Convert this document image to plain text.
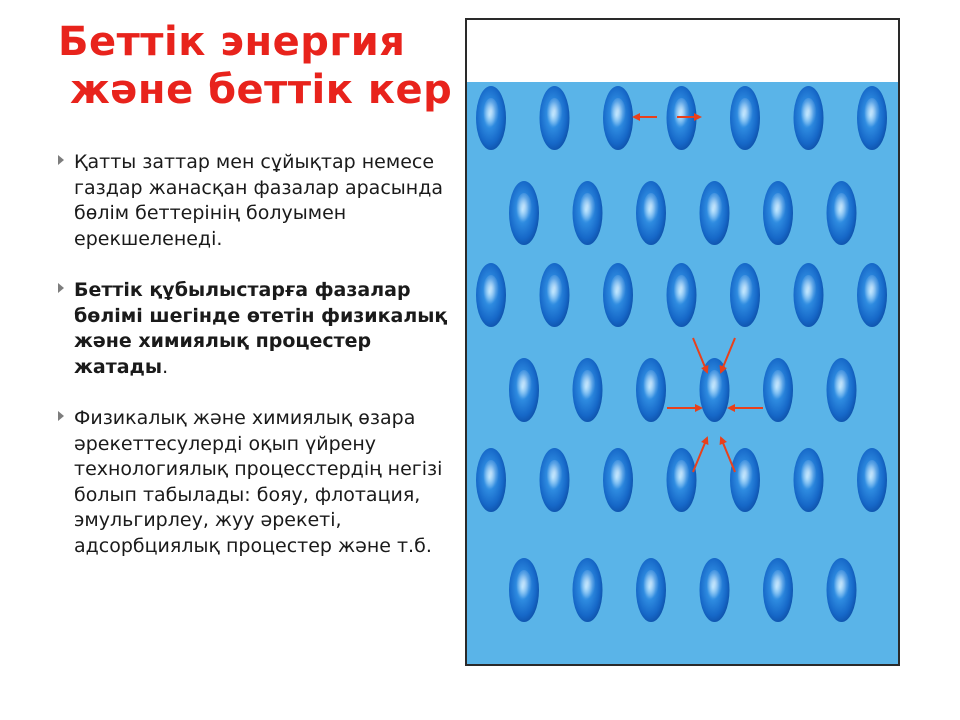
Беттік энергия
және беттік кер
Қатты заттар мен сұйықтар немесе газдар жанасқан фазалар арасында бөлім беттерінің болуымен ерекшеленеді.
Беттік құбылыстарға фазалар бөлімі шегінде өтетін физикалық және химиялық процестер жатады.
Физикалық және химиялық өзара әрекеттесулерді оқып үйрену технологиялық процесстердің негізі болып табылады: бояу, флотация, эмульгирлеу, жуу әрекеті, адсорбциялық процестер және т.б.
